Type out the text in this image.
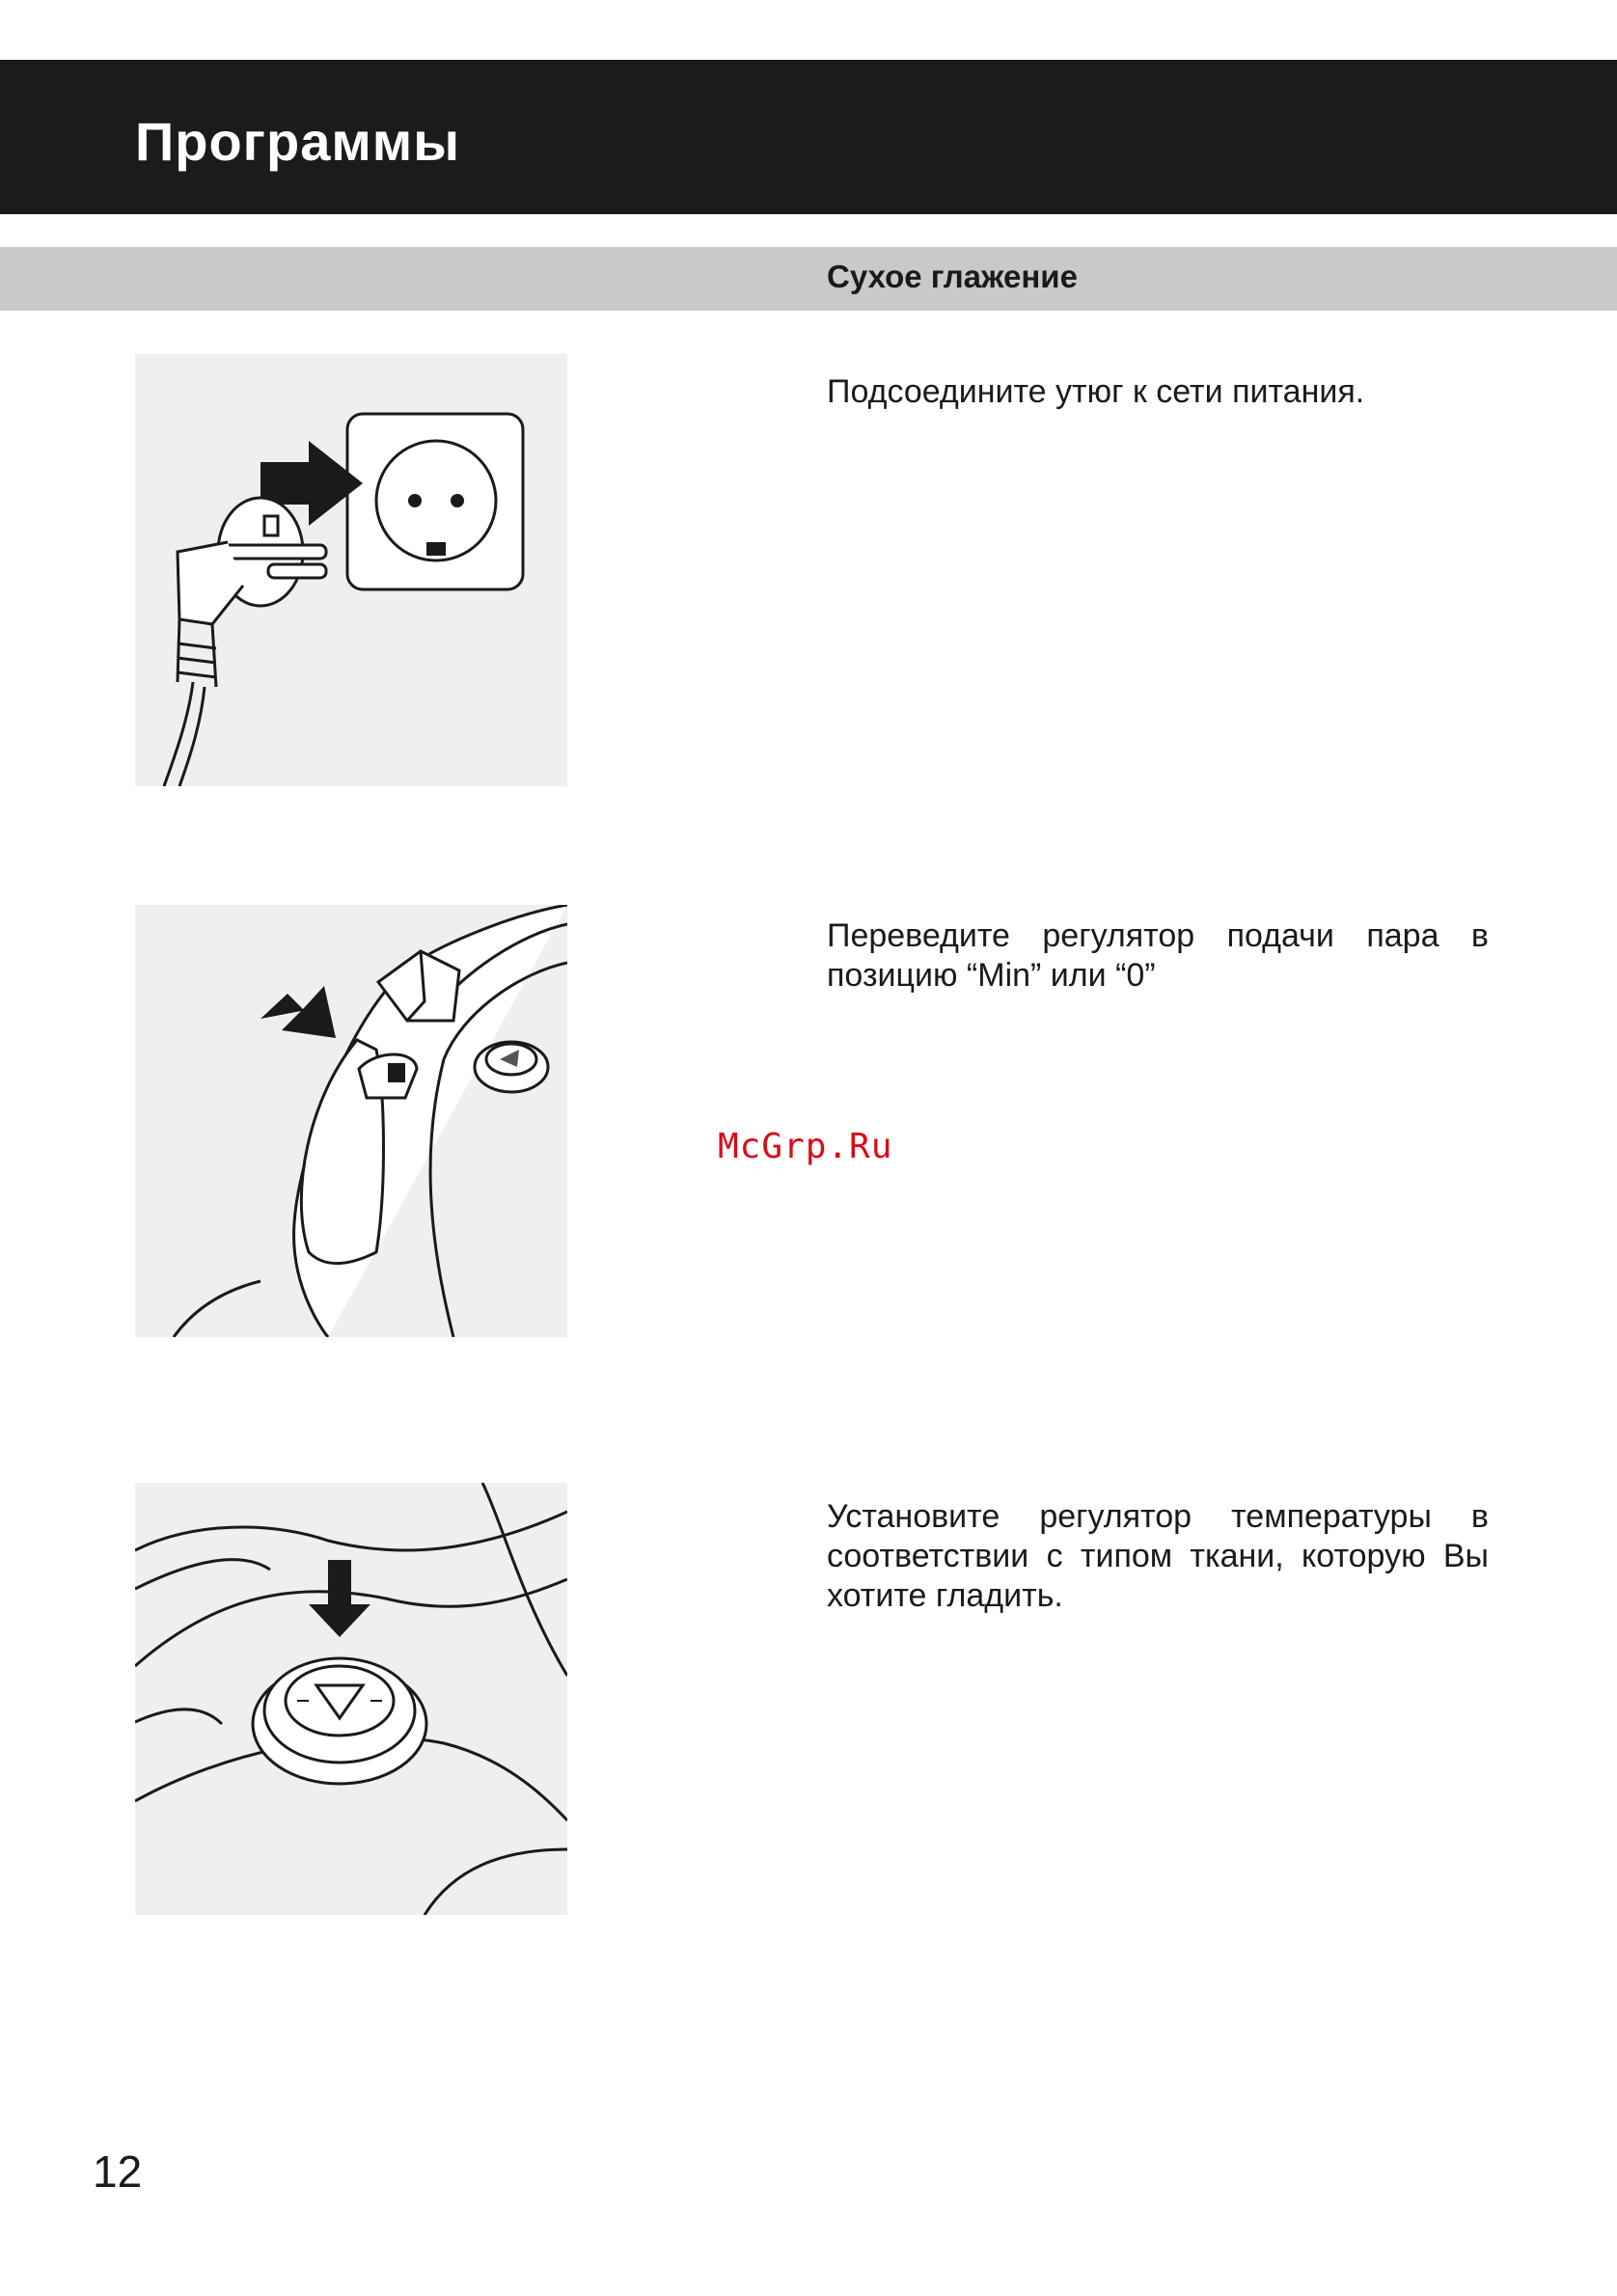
Программы
Сухое глажение
Подсоедините утюг к сети питания.
Переведите регулятор подачи пара в позицию “Min” или “0”
Установите регулятор температуры в соответствии с типом ткани, которую Вы хотите гладить.
McGrp.Ru
12
